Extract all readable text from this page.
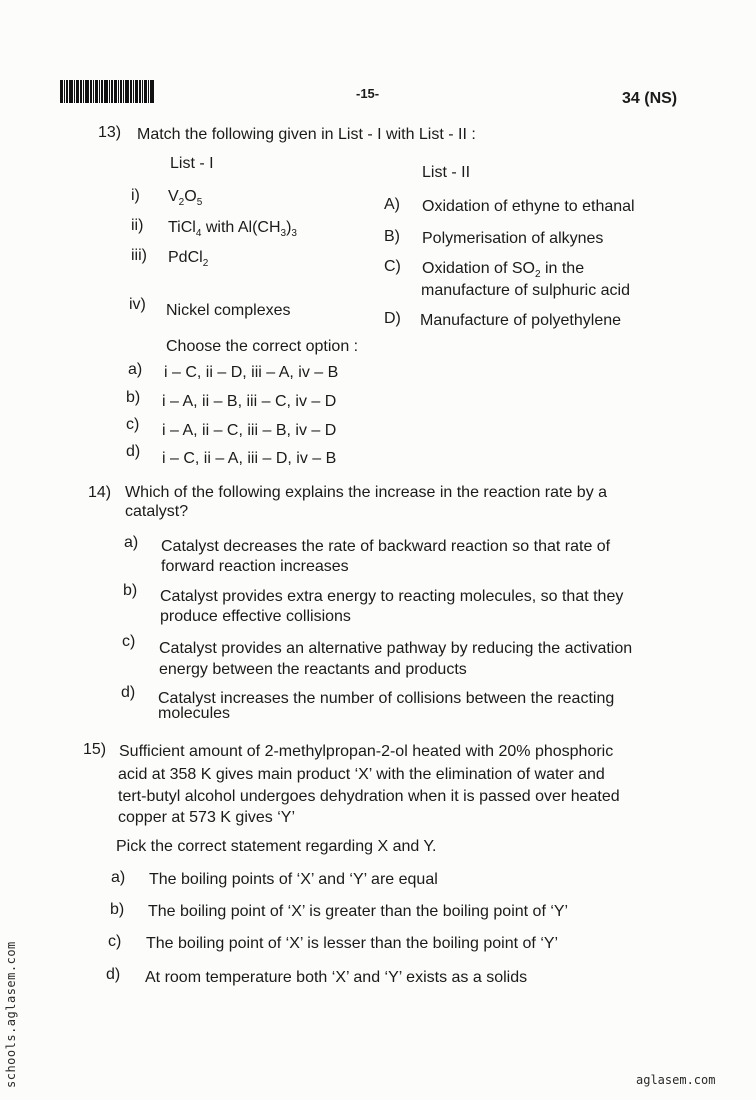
-15-	34 (NS)
13) Match the following given in List - I with List - II :
List - I
List - II
i) $V_2O_5$
ii) TiCl$_4$ with $Al(CH_3)_3$
iii) PdCl$_2$
iv) Nickel complexes
A) Oxidation of ethyne to ethanal
B) Polymerisation of alkynes
C) Oxidation of $SO_2$ in the
manufacture of sulphuric acid
D) Manufacture of polyethylene
Choose the correct option :
a) i – C, ii – D, iii – A, iv – B
b) i – A, ii – B, iii – C, iv – D
c) i – A, ii – C, iii – B, iv – D
d) i – C, ii – A, iii – D, iv – B
14) Which of the following explains the increase in the reaction rate by a
catalyst?
a) Catalyst decreases the rate of backward reaction so that rate of
forward reaction increases
b) Catalyst provides extra energy to reacting molecules, so that they
produce effective collisions
c) Catalyst provides an alternative pathway by reducing the activation
energy between the reactants and products
d) Catalyst increases the number of collisions between the reacting
molecules
15) Sufficient amount of 2-methylpropan-2-ol heated with 20% phosphoric
acid at 358 K gives main product ‘X’ with the elimination of water and
tert-butyl alcohol undergoes dehydration when it is passed over heated
copper at 573 K gives ‘Y’
Pick the correct statement regarding X and Y.
a) The boiling points of ‘X’ and ‘Y’ are equal
b) The boiling point of ‘X’ is greater than the boiling point of ‘Y’
c) The boiling point of ‘X’ is lesser than the boiling point of ‘Y’
d) At room temperature both ‘X’ and ‘Y’ exists as a solids
schools.aglasem.com	aglasem.com
